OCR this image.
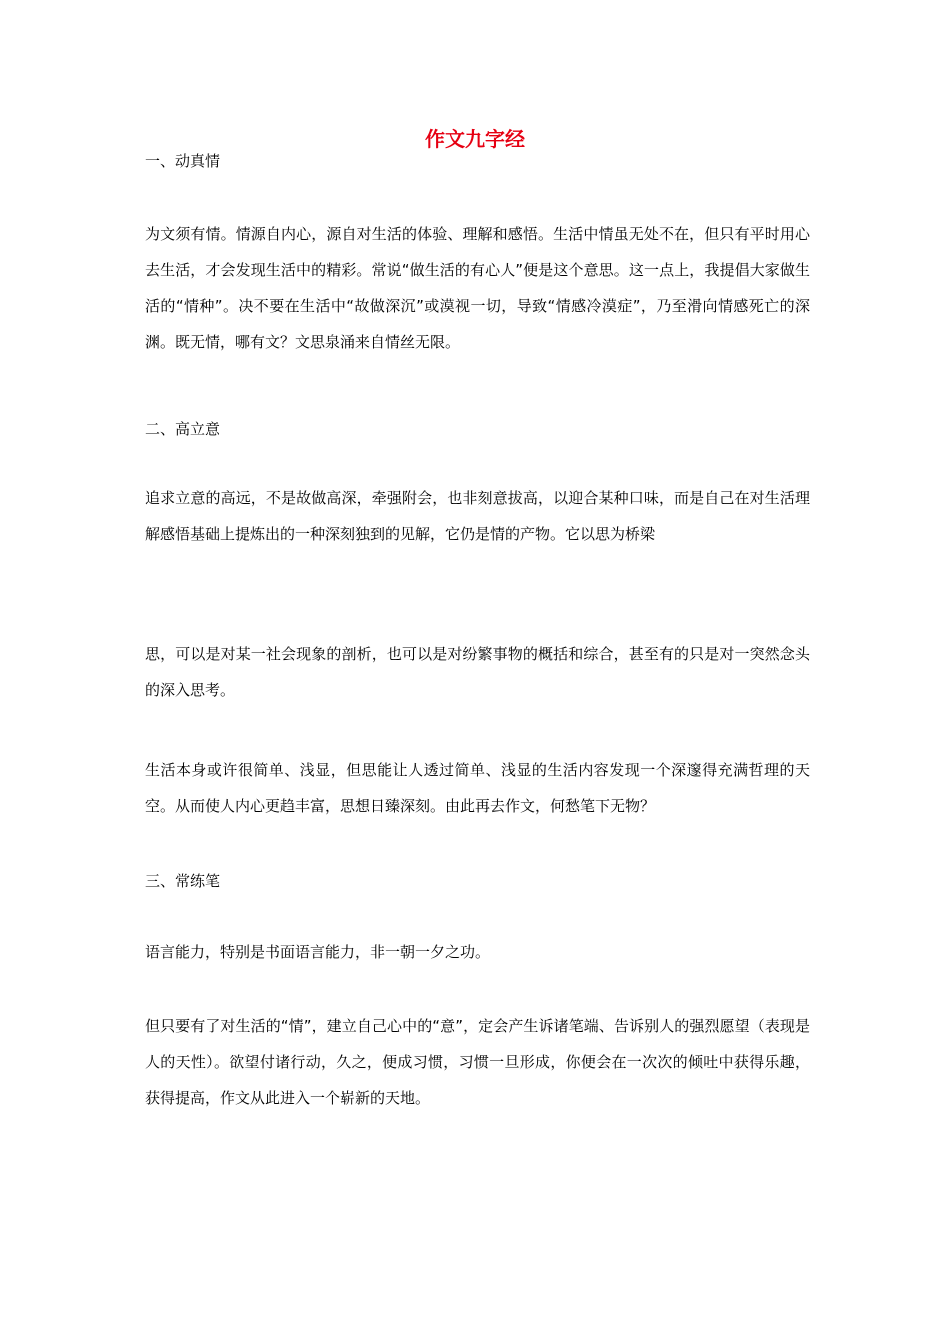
作文九字经
一、动真情
为文须有情。情源自内心，源自对生活的体验、理解和感悟。生活中情虽无处不在，但只有平时用心去生活，才会发现生活中的精彩。常说“做生活的有心人”便是这个意思。这一点上，我提倡大家做生活的“情种”。决不要在生活中“故做深沉”或漠视一切，导致“情感冷漠症”，乃至滑向情感死亡的深渊。既无情，哪有文？文思泉涌来自情丝无限。
二、高立意
追求立意的高远，不是故做高深，牵强附会，也非刻意拔高，以迎合某种口味，而是自己在对生活理解感悟基础上提炼出的一种深刻独到的见解，它仍是情的产物。它以思为桥梁
思，可以是对某一社会现象的剖析，也可以是对纷繁事物的概括和综合，甚至有的只是对一突然念头的深入思考。
生活本身或许很简单、浅显，但思能让人透过简单、浅显的生活内容发现一个深邃得充满哲理的天空。从而使人内心更趋丰富，思想日臻深刻。由此再去作文，何愁笔下无物？
三、常练笔
语言能力，特别是书面语言能力，非一朝一夕之功。
但只要有了对生活的“情”，建立自己心中的“意”，定会产生诉诸笔端、告诉别人的强烈愿望（表现是人的天性）。欲望付诸行动，久之，便成习惯，习惯一旦形成，你便会在一次次的倾吐中获得乐趣，获得提高，作文从此进入一个崭新的天地。
